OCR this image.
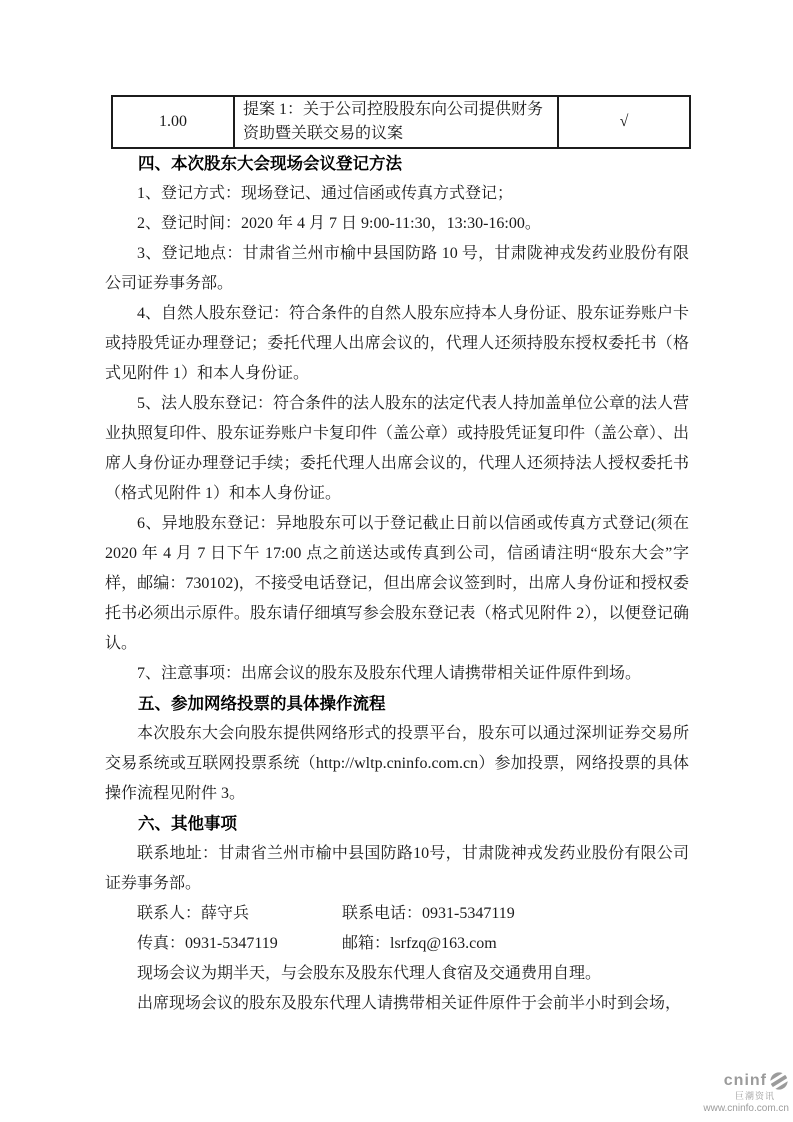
1.00	提案 1：关于公司控股股东向公司提供财务资助暨关联交易的议案	√
四、本次股东大会现场会议登记方法

1、登记方式：现场登记、通过信函或传真方式登记；

2、登记时间：2020 年 4 月 7 日 9:00-11:30，13:30-16:00。

3、登记地点：甘肃省兰州市榆中县国防路 10 号，甘肃陇神戎发药业股份有限公司证券事务部。

4、自然人股东登记：符合条件的自然人股东应持本人身份证、股东证券账户卡或持股凭证办理登记；委托代理人出席会议的，代理人还须持股东授权委托书（格式见附件 1）和本人身份证。

5、法人股东登记：符合条件的法人股东的法定代表人持加盖单位公章的法人营业执照复印件、股东证券账户卡复印件（盖公章）或持股凭证复印件（盖公章）、出席人身份证办理登记手续；委托代理人出席会议的，代理人还须持法人授权委托书（格式见附件 1）和本人身份证。

6、异地股东登记：异地股东可以于登记截止日前以信函或传真方式登记(须在 2020 年 4 月 7 日下午 17:00 点之前送达或传真到公司，信函请注明“股东大会”字样，邮编：730102)，不接受电话登记，但出席会议签到时，出席人身份证和授权委托书必须出示原件。股东请仔细填写参会股东登记表（格式见附件 2），以便登记确认。

7、注意事项：出席会议的股东及股东代理人请携带相关证件原件到场。

五、参加网络投票的具体操作流程

本次股东大会向股东提供网络形式的投票平台，股东可以通过深圳证券交易所交易系统或互联网投票系统（http://wltp.cninfo.com.cn）参加投票，网络投票的具体操作流程见附件 3。

六、其他事项

联系地址：甘肃省兰州市榆中县国防路10号，甘肃陇神戎发药业股份有限公司证券事务部。

联系人：薛守兵	联系电话：0931-5347119
传真：0931-5347119	邮箱：lsrfzq@163.com

现场会议为期半天，与会股东及股东代理人食宿及交通费用自理。

出席现场会议的股东及股东代理人请携带相关证件原件于会前半小时到会场，

cninf
巨潮资讯
www.cninfo.com.cn
